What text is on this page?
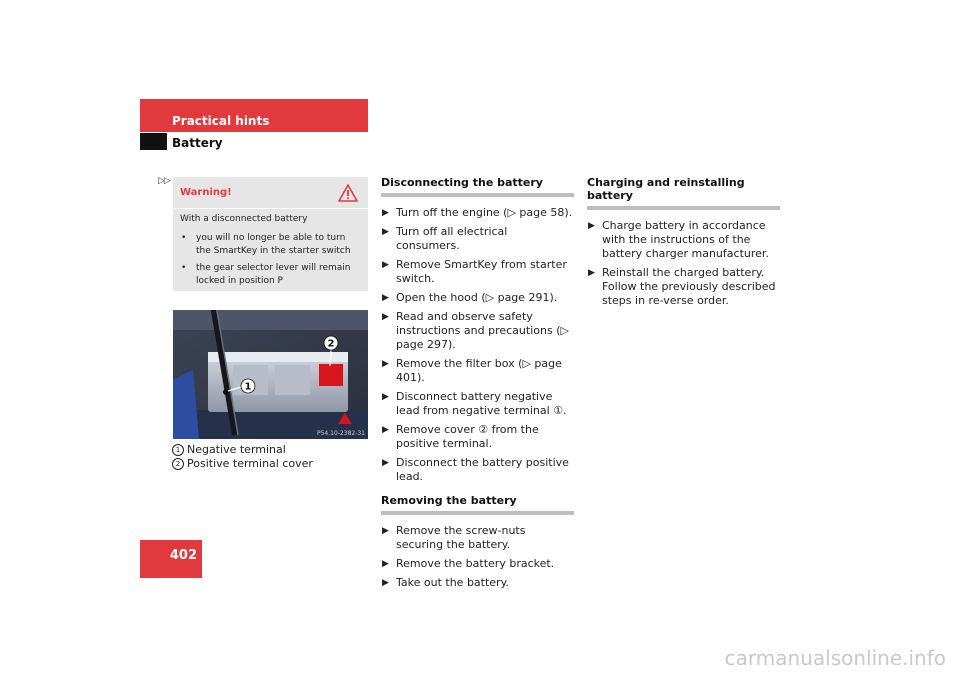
Practical hints
Battery
▷▷
Warning!
With a disconnected battery
• you will no longer be able to turn the SmartKey in the starter switch
• the gear selector lever will remain locked in position P
1
2
P54.10-2382-31
1 Negative terminal
2 Positive terminal cover
Disconnecting the battery
▶ Turn off the engine (▷ page 58).
▶ Turn off all electrical consumers.
▶ Remove SmartKey from starter switch.
▶ Open the hood (▷ page 291).
▶ Read and observe safety instructions and precautions (▷ page 297).
▶ Remove the filter box (▷ page 401).
▶ Disconnect battery negative lead from negative terminal ①.
▶ Remove cover ② from the positive terminal.
▶ Disconnect the battery positive lead.
Removing the battery
▶ Remove the screw-nuts securing the battery.
▶ Remove the battery bracket.
▶ Take out the battery.
Charging and reinstalling battery
▶ Charge battery in accordance with the instructions of the battery charger manufacturer.
▶ Reinstall the charged battery. Follow the previously described steps in re-verse order.
402
carmanualsonline.info
